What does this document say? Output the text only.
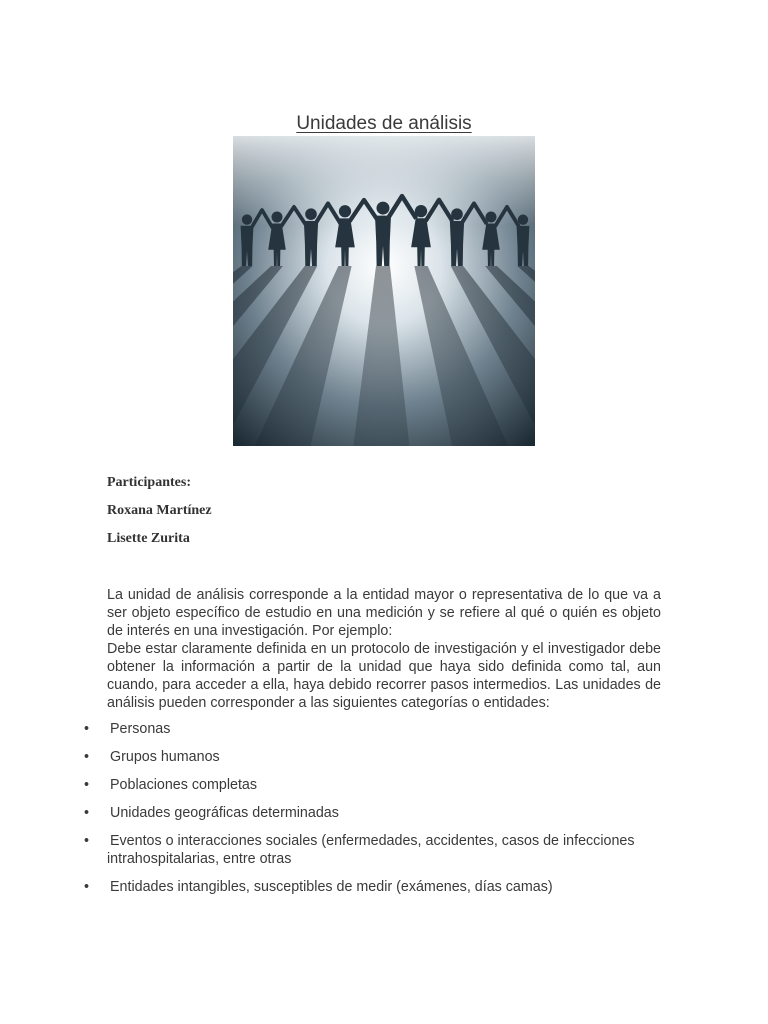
Unidades de análisis
Participantes:
Roxana Martínez
Lisette Zurita

La unidad de análisis corresponde a la entidad mayor o representativa de lo que va a ser objeto específico de estudio en una medición y se refiere al qué o quién es objeto de interés en una investigación. Por ejemplo:
Debe estar claramente definida en un protocolo de investigación y el investigador debe obtener la información a partir de la unidad que haya sido definida como tal, aun cuando, para acceder a ella, haya debido recorrer pasos intermedios. Las unidades de análisis pueden corresponder a las siguientes categorías o entidades:

• Personas
• Grupos humanos
• Poblaciones completas
• Unidades geográficas determinadas
• Eventos o interacciones sociales (enfermedades, accidentes, casos de infecciones intrahospitalarias, entre otras
• Entidades intangibles, susceptibles de medir (exámenes, días camas)
